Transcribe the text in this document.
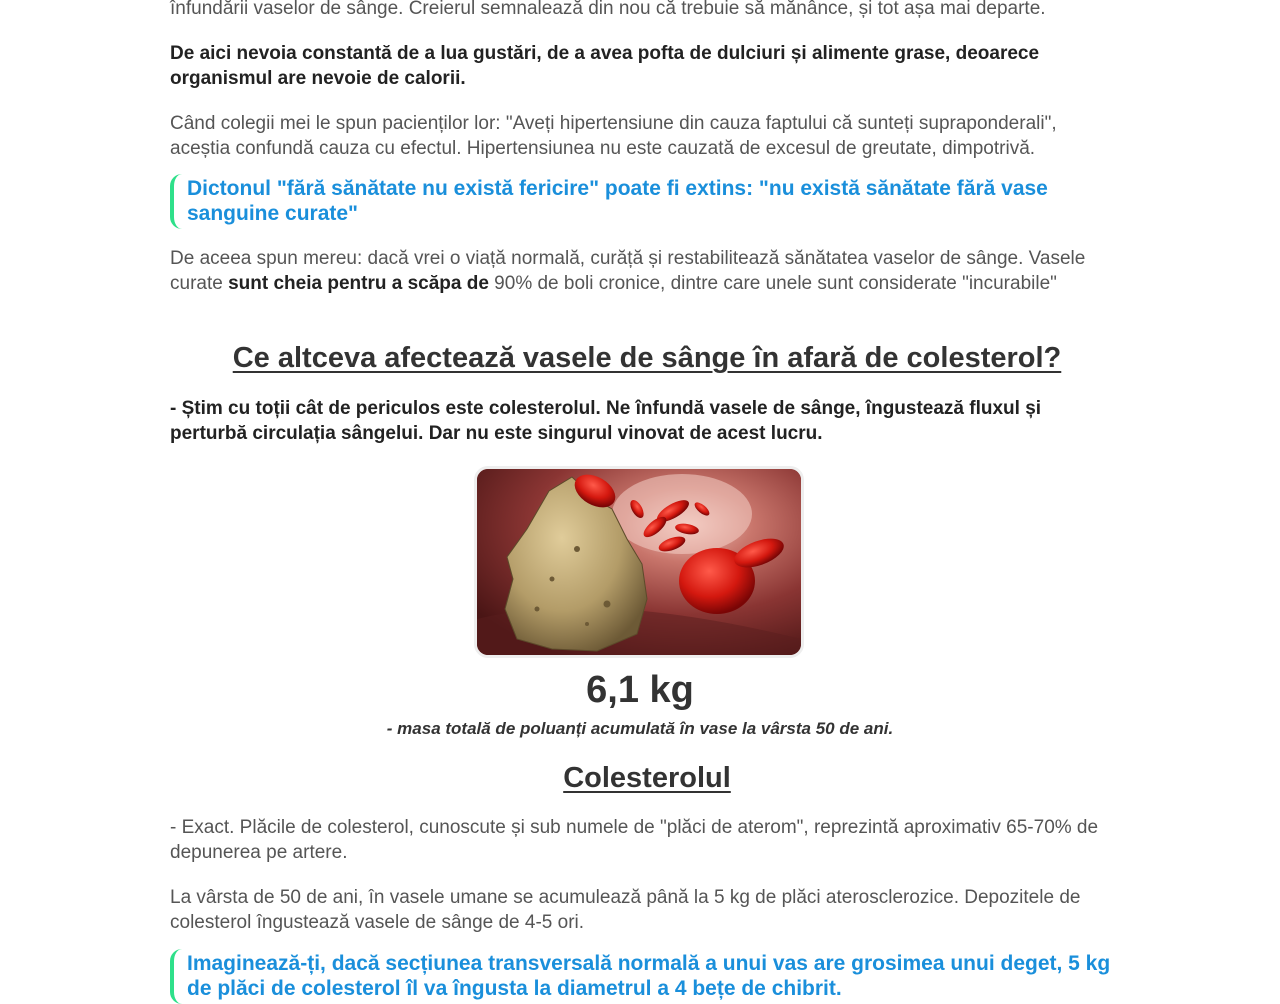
înfundării vaselor de sânge. Creierul semnalează din nou că trebuie să mănânce, și tot așa mai departe.

De aici nevoia constantă de a lua gustări, de a avea pofta de dulciuri și alimente grase, deoarece organismul are nevoie de calorii.

Când colegii mei le spun pacienților lor: "Aveți hipertensiune din cauza faptului că sunteți supraponderali", aceștia confundă cauza cu efectul. Hipertensiunea nu este cauzată de excesul de greutate, dimpotrivă.

Dictonul "fără sănătate nu există fericire" poate fi extins: "nu există sănătate fără vase sanguine curate"

De aceea spun mereu: dacă vrei o viață normală, curăță și restabilitează sănătatea vaselor de sânge. Vasele curate sunt cheia pentru a scăpa de 90% de boli cronice, dintre care unele sunt considerate "incurabile"

Ce altceva afectează vasele de sânge în afară de colesterol?

- Știm cu toții cât de periculos este colesterolul. Ne înfundă vasele de sânge, îngustează fluxul și perturbă circulația sângelui. Dar nu este singurul vinovat de acest lucru.

6,1 kg
- masa totală de poluanți acumulată în vase la vârsta 50 de ani.
Colesterolul

- Exact. Plăcile de colesterol, cunoscute și sub numele de "plăci de aterom", reprezintă aproximativ 65-70% de depunerea pe artere.

La vârsta de 50 de ani, în vasele umane se acumulează până la 5 kg de plăci aterosclerozice. Depozitele de colesterol îngustează vasele de sânge de 4-5 ori.

Imaginează-ți, dacă secțiunea transversală normală a unui vas are grosimea unui deget, 5 kg de plăci de colesterol îl va îngusta la diametrul a 4 bețe de chibrit.
